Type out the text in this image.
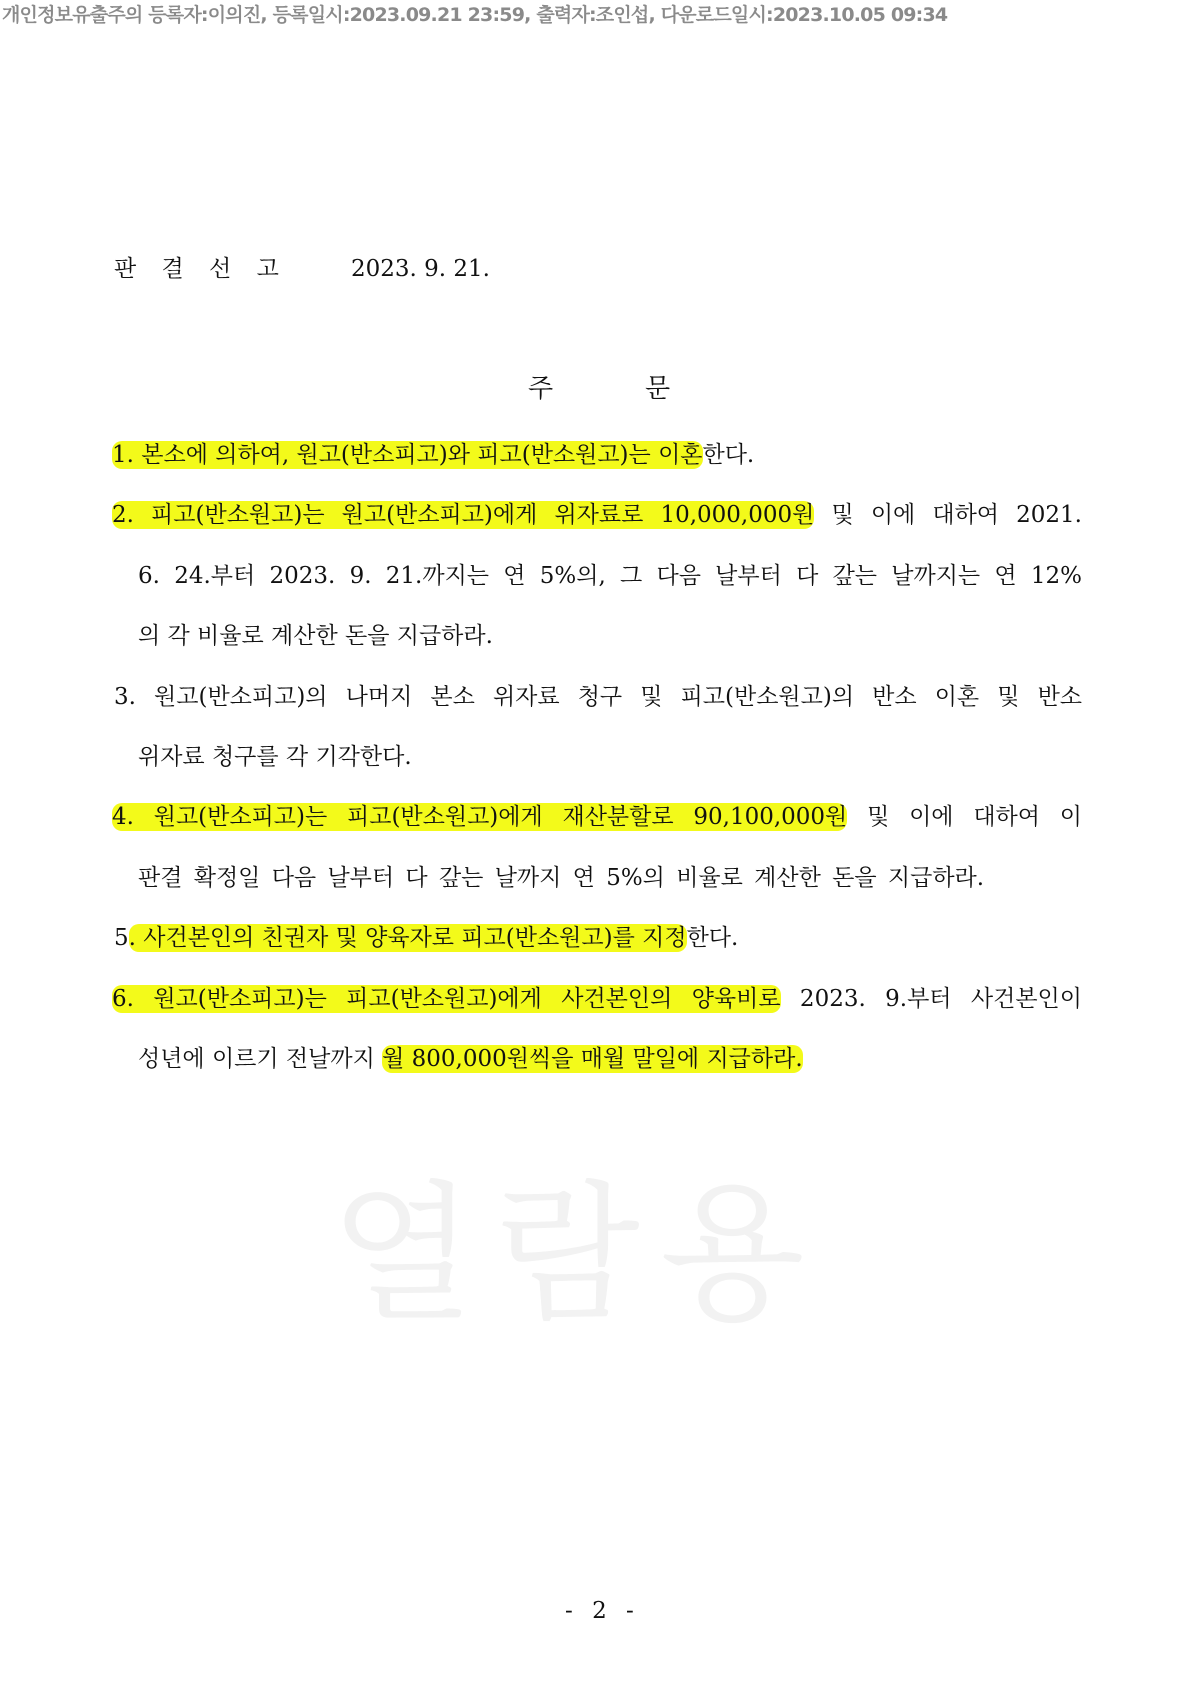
개인정보유출주의 등록자:이의진, 등록일시:2023.09.21 23:59, 출력자:조인섭, 다운로드일시:2023.10.05 09:34
열람용
판 결 선 고	2023. 9. 21.
주	문
1. 본소에 의하여, 원고(반소피고)와 피고(반소원고)는 이혼한다.
2. 피고(반소원고)는 원고(반소피고)에게 위자료로 10,000,000원 및 이에 대하여 2021.
6. 24.부터 2023. 9. 21.까지는 연 5%의, 그 다음 날부터 다 갚는 날까지는 연 12%
의 각 비율로 계산한 돈을 지급하라.
3. 원고(반소피고)의 나머지 본소 위자료 청구 및 피고(반소원고)의 반소 이혼 및 반소
위자료 청구를 각 기각한다.
4. 원고(반소피고)는 피고(반소원고)에게 재산분할로 90,100,000원 및 이에 대하여 이
판결 확정일 다음 날부터 다 갚는 날까지 연 5%의 비율로 계산한 돈을 지급하라.
5. 사건본인의 친권자 및 양육자로 피고(반소원고)를 지정한다.
6. 원고(반소피고)는 피고(반소원고)에게 사건본인의 양육비로 2023. 9.부터 사건본인이
성년에 이르기 전날까지 월 800,000원씩을 매월 말일에 지급하라.
- 2 -
